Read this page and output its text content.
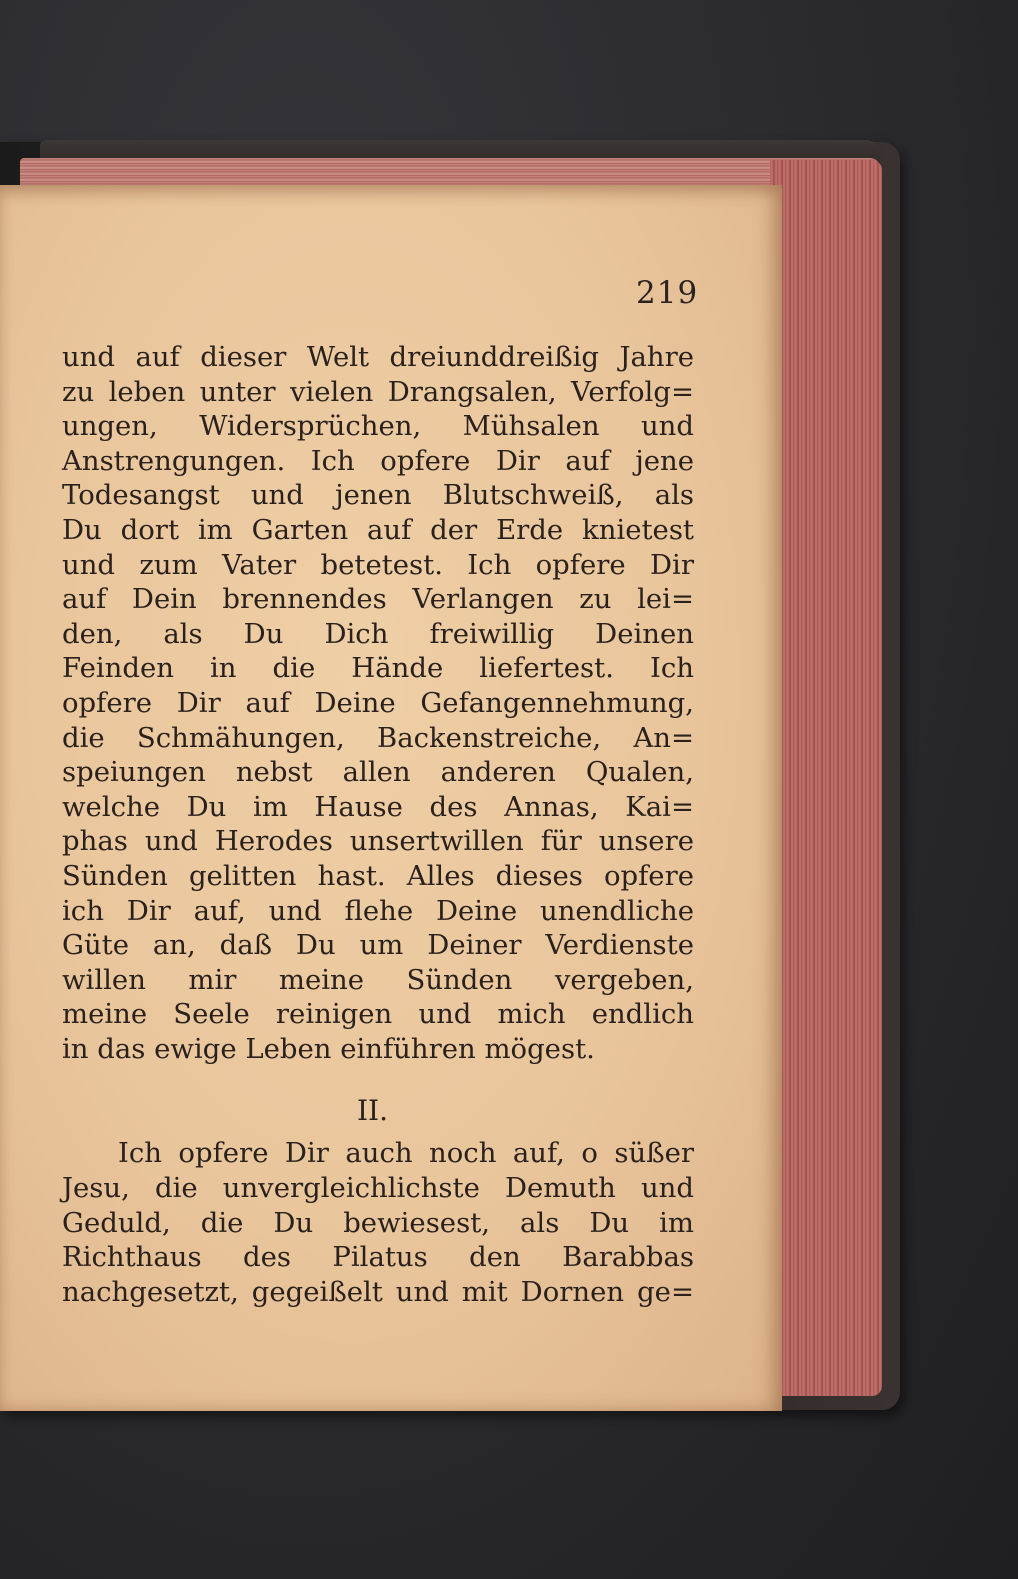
219
und auf dieser Welt dreiunddreißig Jahre
zu leben unter vielen Drangsalen, Verfolg=
ungen, Widersprüchen, Mühsalen und
Anstrengungen. Ich opfere Dir auf jene
Todesangst und jenen Blutschweiß, als
Du dort im Garten auf der Erde knietest
und zum Vater betetest. Ich opfere Dir
auf Dein brennendes Verlangen zu lei=
den, als Du Dich freiwillig Deinen
Feinden in die Hände liefertest. Ich
opfere Dir auf Deine Gefangennehmung,
die Schmähungen, Backenstreiche, An=
speiungen nebst allen anderen Qualen,
welche Du im Hause des Annas, Kai=
phas und Herodes unsertwillen für unsere
Sünden gelitten hast. Alles dieses opfere
ich Dir auf, und flehe Deine unendliche
Güte an, daß Du um Deiner Verdienste
willen mir meine Sünden vergeben,
meine Seele reinigen und mich endlich
in das ewige Leben einführen mögest.
II.
Ich opfere Dir auch noch auf, o süßer
Jesu, die unvergleichlichste Demuth und
Geduld, die Du bewiesest, als Du im
Richthaus des Pilatus den Barabbas
nachgesetzt, gegeißelt und mit Dornen ge=
